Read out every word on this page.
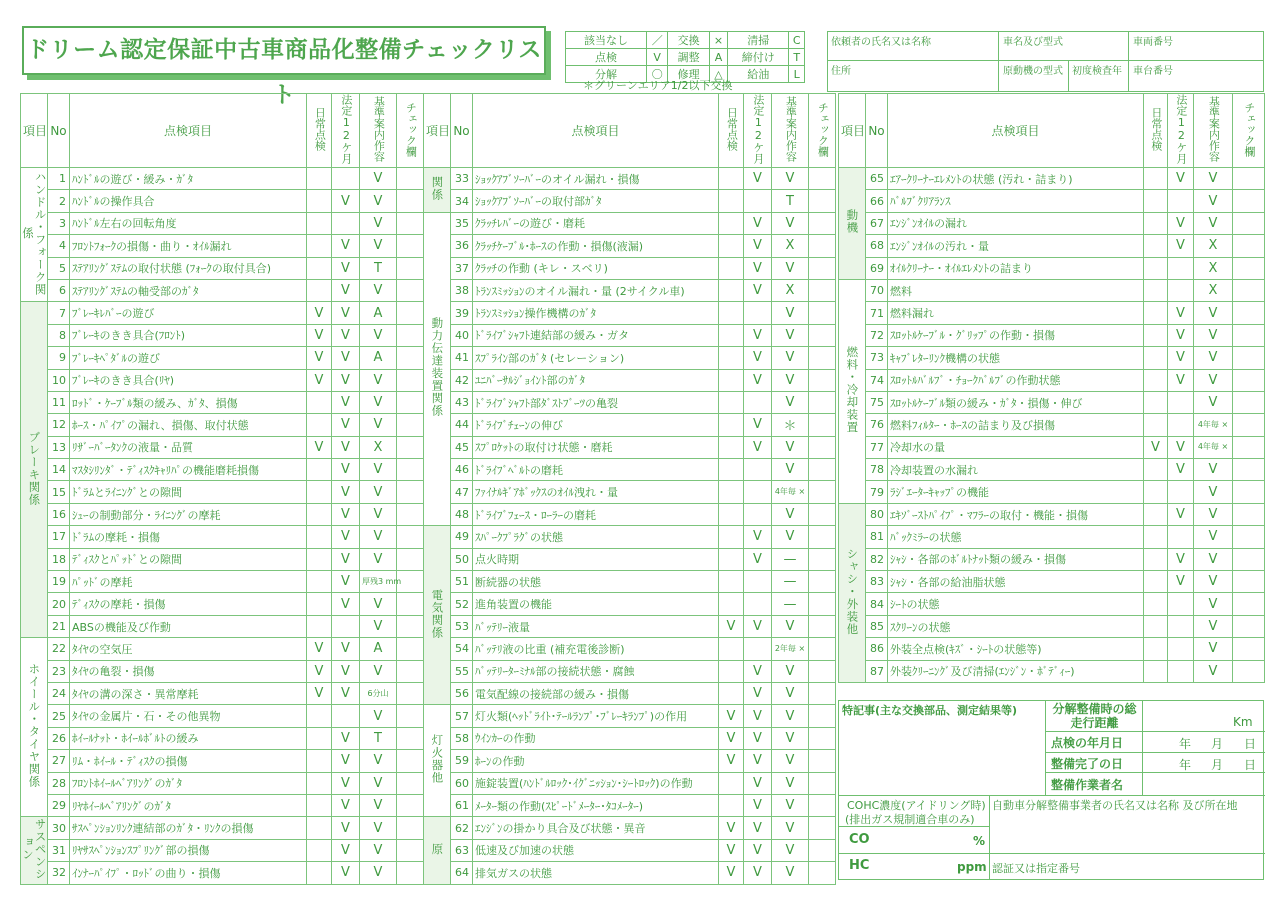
ドリーム認定保証中古車商品化整備チェックリスト
該当なし	／	交換	×	清掃	C
点検	V	調整	A	締付け	T
分解	〇	修理	△	給油	L
＊グリーンエリア1/2以下交換
依頼者の氏名又は名称	車名及び型式	車両番号
住所	原動機の型式 初度検査年	車台番号
項目	No	点検項目	日常点検	法定12ケ月	基準案内作容	チェック欄
ハンドル・フォーク関係	1	ﾊﾝﾄﾞﾙの遊び・緩み・ｶﾞﾀ			V	
	2	ﾊﾝﾄﾞﾙの操作具合		V	V	
	3	ﾊﾝﾄﾞﾙ左右の回転角度			V	
	4	ﾌﾛﾝﾄﾌｫｰｸの損傷・曲り・ｵｲﾙ漏れ		V	V	
	5	ｽﾃｱﾘﾝｸﾞｽﾃﾑの取付状態 (ﾌｫｰｸの取付具合)		V	T	
	6	ｽﾃｱﾘﾝｸﾞｽﾃﾑの軸受部のｶﾞﾀ		V	V	
ブレーキ関係	7	ﾌﾞﾚｰｷﾚﾊﾞｰの遊び	V	V	A	
	8	ﾌﾞﾚｰｷのきき具合(ﾌﾛﾝﾄ)	V	V	V	
	9	ﾌﾞﾚｰｷﾍﾟﾀﾞﾙの遊び	V	V	A	
	10	ﾌﾞﾚｰｷのきき具合(ﾘﾔ)	V	V	V	
	11	ﾛｯﾄﾞ・ｹｰﾌﾞﾙ類の緩み、ｶﾞﾀ、損傷		V	V	
	12	ﾎｰｽ・ﾊﾟｲﾌﾟの漏れ、損傷、取付状態		V	V	
	13	ﾘｻﾞｰﾊﾞｰﾀﾝｸの液量・品質	V	V	X	
	14	ﾏｽﾀｼﾘﾝﾀﾞ・ﾃﾞｨｽｸｷｬﾘﾊﾟの機能磨耗損傷		V	V	
	15	ﾄﾞﾗﾑとﾗｲﾆﾝｸﾞとの隙間		V	V	
	16	ｼｭｰの制動部分・ﾗｲﾆﾝｸﾞの摩耗		V	V	
	17	ﾄﾞﾗﾑの摩耗・損傷		V	V	
	18	ﾃﾞｨｽｸとﾊﾟｯﾄﾞとの隙間		V	V	
	19	ﾊﾟｯﾄﾞの摩耗		V	厚残3 mm	
	20	ﾃﾞｨｽｸの摩耗・損傷		V	V	
	21	ABSの機能及び作動			V	
ホイール・タイヤ関係	22	ﾀｲﾔの空気圧	V	V	A	
	23	ﾀｲﾔの亀裂・損傷	V	V	V	
	24	ﾀｲﾔの溝の深さ・異常摩耗	V	V	6分山	
	25	ﾀｲﾔの金属片・石・その他異物			V	
	26	ﾎｲｰﾙﾅｯﾄ・ﾎｲｰﾙﾎﾞﾙﾄの緩み		V	T	
	27	ﾘﾑ・ﾎｲｰﾙ・ﾃﾞｨｽｸの損傷		V	V	
	28	ﾌﾛﾝﾄﾎｲｰﾙﾍﾞｱﾘﾝｸﾞのｶﾞﾀ		V	V	
	29	ﾘﾔﾎｲｰﾙﾍﾞｱﾘﾝｸﾞのｶﾞﾀ		V	V	
サスペンション	30	ｻｽﾍﾟﾝｼｮﾝﾘﾝｸ連結部のｶﾞﾀ・ﾘﾝｸの損傷		V	V	
	31	ﾘﾔｻｽﾍﾟﾝｼｮﾝｽﾌﾟﾘﾝｸﾞ部の損傷		V	V	
	32	ｲﾝﾅｰﾊﾟｲﾌﾟ・ﾛｯﾄﾞの曲り・損傷		V	V	
項目	No	点検項目	日常点検	法定12ケ月	基準案内作容	チェック欄
関係	33	ｼｮｯｸｱﾌﾞｿｰﾊﾞｰのオイル漏れ・損傷		V	V	
	34	ｼｮｯｸｱﾌﾞｿｰﾊﾞｰの取付部ｶﾞﾀ			T	
動力伝達装置関係	35	ｸﾗｯﾁﾚﾊﾞｰの遊び・磨耗		V	V	
	36	ｸﾗｯﾁｹｰﾌﾞﾙ･ﾎｰｽの作動・損傷(液漏)		V	X	
	37	ｸﾗｯﾁの作動 (キレ・スベリ)		V	V	
	38	ﾄﾗﾝｽﾐｯｼｮﾝのオイル漏れ・量 (2サイクル車)		V	X	
	39	ﾄﾗﾝｽﾐｯｼｮﾝ操作機構のｶﾞﾀ			V	
	40	ﾄﾞﾗｲﾌﾞｼｬﾌﾄ連結部の緩み・ガタ		V	V	
	41	ｽﾌﾟﾗｲﾝ部のｶﾞﾀ (セレーション)		V	V	
	42	ﾕﾆﾊﾞｰｻﾙｼﾞｮｲﾝﾄ部のｶﾞﾀ		V	V	
	43	ﾄﾞﾗｲﾌﾞｼｬﾌﾄ部ﾀﾞｽﾄﾌﾞｰﾂの亀裂			V	
	44	ﾄﾞﾗｲﾌﾞﾁｪｰﾝの伸び		V	＊	
	45	ｽﾌﾟﾛｹｯﾄの取付け状態・磨耗		V	V	
	46	ﾄﾞﾗｲﾌﾞﾍﾞﾙﾄの磨耗			V	
	47	ﾌｧｲﾅﾙｷﾞｱﾎﾞｯｸｽのｵｲﾙ洩れ・量			4年毎 ×	
	48	ﾄﾞﾗｲﾌﾞﾌｪｰｽ・ﾛｰﾗｰの磨耗			V	
電気関係	49	ｽﾊﾟｰｸﾌﾟﾗｸﾞの状態		V	V	
	50	点火時期		V	—	
	51	断続器の状態			—	
	52	進角装置の機能			—	
	53	ﾊﾞｯﾃﾘｰ液量	V	V	V	
	54	ﾊﾞｯﾃﾘ液の比重 (補充電後診断)			2年毎 ×	
	55	ﾊﾞｯﾃﾘｰﾀｰﾐﾅﾙ部の接続状態・腐蝕		V	V	
	56	電気配線の接続部の緩み・損傷		V	V	
灯火器他	57	灯火類(ﾍｯﾄﾞﾗｲﾄ･ﾃｰﾙﾗﾝﾌﾟ･ﾌﾞﾚｰｷﾗﾝﾌﾟ)の作用	V	V	V	
	58	ｳｲﾝｶｰの作動	V	V	V	
	59	ﾎｰﾝの作動	V	V	V	
	60	施錠装置(ﾊﾝﾄﾞﾙﾛｯｸ･ｲｸﾞﾆｯｼｮﾝ･ｼｰﾄﾛｯｸ)の作動		V	V	
	61	ﾒｰﾀｰ類の作動(ｽﾋﾟｰﾄﾞﾒｰﾀｰ･ﾀｺﾒｰﾀｰ)		V	V	
原	62	ｴﾝｼﾞﾝの掛かり具合及び状態・異音	V	V	V	
	63	低速及び加速の状態	V	V	V	
	64	排気ガスの状態	V	V	V	
項目	No	点検項目	日常点検	法定12ケ月	基準案内作容	チェック欄
動機	65	ｴｱｰｸﾘｰﾅｰｴﾚﾒﾝﾄの状態 (汚れ・詰まり)		V	V	
	66	ﾊﾞﾙﾌﾞｸﾘｱﾗﾝｽ			V	
	67	ｴﾝｼﾞﾝｵｲﾙの漏れ		V	V	
	68	ｴﾝｼﾞﾝｵｲﾙの汚れ・量		V	X	
	69	ｵｲﾙｸﾘｰﾅｰ・ｵｲﾙｴﾚﾒﾝﾄの詰まり			X	
燃料・冷却装置	70	燃料			X	
	71	燃料漏れ		V	V	
	72	ｽﾛｯﾄﾙｹｰﾌﾞﾙ・ｸﾞﾘｯﾌﾟの作動・損傷		V	V	
	73	ｷｬﾌﾞﾚﾀｰﾘﾝｸ機構の状態		V	V	
	74	ｽﾛｯﾄﾙﾊﾞﾙﾌﾞ・ﾁｮｰｸﾊﾞﾙﾌﾞの作動状態		V	V	
	75	ｽﾛｯﾄﾙｹｰﾌﾞﾙ類の緩み・ｶﾞﾀ・損傷・伸び			V	
	76	燃料ﾌｨﾙﾀｰ・ﾎｰｽの詰まり及び損傷			4年毎 ×	
	77	冷却水の量	V	V	4年毎 ×	
	78	冷却装置の水漏れ		V	V	
	79	ﾗｼﾞｴｰﾀｰｷｬｯﾌﾟの機能			V	
シャシ・外装他	80	ｴｷｿﾞｰｽﾄﾊﾟｲﾌﾟ・ﾏﾌﾗｰの取付・機能・損傷		V	V	
	81	ﾊﾞｯｸﾐﾗｰの状態			V	
	82	ｼｬｼ・各部のﾎﾞﾙﾄﾅｯﾄ類の緩み・損傷		V	V	
	83	ｼｬｼ・各部の給油脂状態		V	V	
	84	ｼｰﾄの状態			V	
	85	ｽｸﾘｰﾝの状態			V	
	86	外装全点検(ｷｽﾞ・ｼｰﾄの状態等)			V	
	87	外装ｸﾘｰﾆﾝｸﾞ及び清掃(ｴﾝｼﾞﾝ・ﾎﾞﾃﾞｨｰ)			V	
特記事(主な交換部品、測定結果等)	分解整備時の総走行距離	Km
点検の年月日	年 月 日
整備完了の日	年 月 日
整備作業者名
COHC濃度(アイドリング時)
(排出ガス規制適合車のみ)
CO	%
HC	ppm
自動車分解整備事業者の氏名又は名称 及び所在地
認証又は指定番号
